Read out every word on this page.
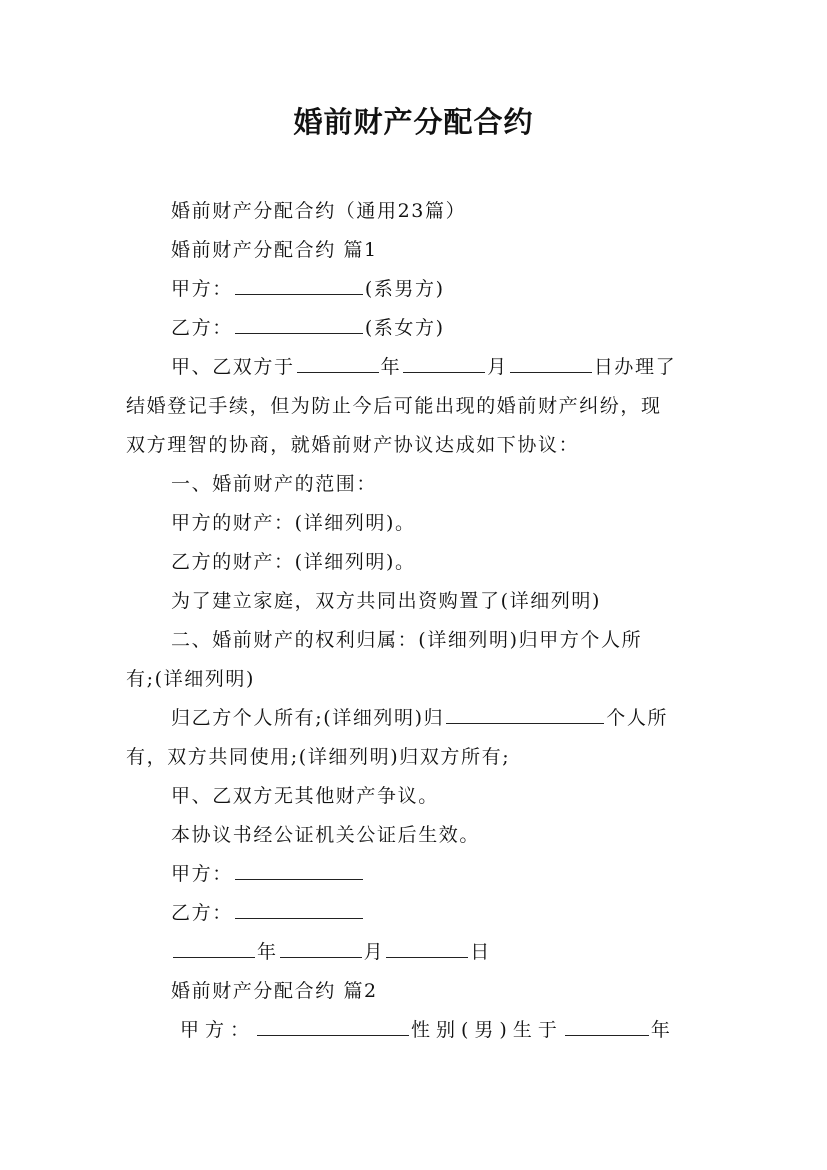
婚前财产分配合约
婚前财产分配合约（通用23篇）
婚前财产分配合约 篇1
甲方：	(系男方)
乙方：	(系女方)
甲、乙双方于	年	月	日办理了
结婚登记手续，但为防止今后可能出现的婚前财产纠纷，现
双方理智的协商，就婚前财产协议达成如下协议：
一、婚前财产的范围：
甲方的财产：(详细列明)。
乙方的财产：(详细列明)。
为了建立家庭，双方共同出资购置了(详细列明)
二、婚前财产的权利归属：(详细列明)归甲方个人所
有;(详细列明)
归乙方个人所有;(详细列明)归	个人所
有，双方共同使用;(详细列明)归双方所有;
甲、乙双方无其他财产争议。
本协议书经公证机关公证后生效。
甲方：
乙方：
年	月	日
婚前财产分配合约 篇2
甲方：	性别(男)生于	年
